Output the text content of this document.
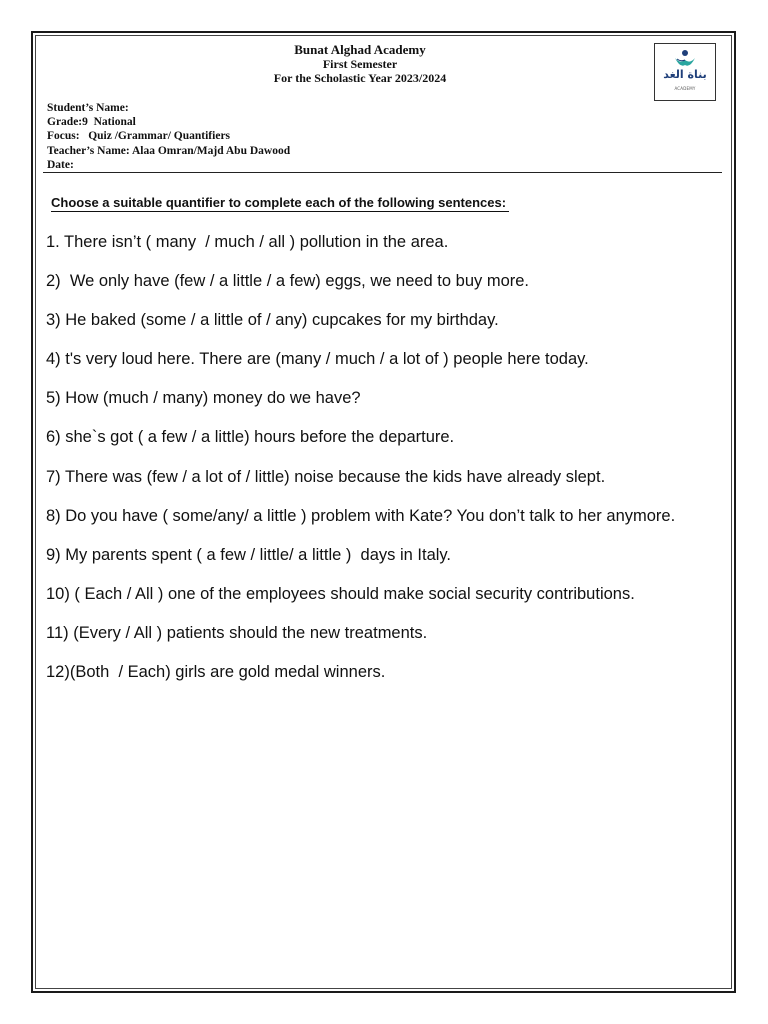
Bunat Alghad Academy
First Semester
For the Scholastic Year 2023/2024	بناة الغد
ACADEMY
Student’s Name:
Grade:9  National
Focus:   Quiz /Grammar/ Quantifiers
Teacher’s Name: Alaa Omran/Majd Abu Dawood
Date:
Choose a suitable quantifier to complete each of the following sentences:
1. There isn’t ( many  / much / all ) pollution in the area.
2)  We only have (few / a little / a few) eggs, we need to buy more.
3) He baked (some / a little of / any) cupcakes for my birthday.
4) t's very loud here. There are (many / much / a lot of ) people here today.
5) How (much / many) money do we have?
6) she`s got ( a few / a little) hours before the departure.
7) There was (few / a lot of / little) noise because the kids have already slept.
8) Do you have ( some/any/ a little ) problem with Kate? You don’t talk to her anymore.
9) My parents spent ( a few / little/ a little )  days in Italy.
10) ( Each / All ) one of the employees should make social security contributions.
11) (Every / All ) patients should the new treatments.
12)(Both  / Each) girls are gold medal winners.
